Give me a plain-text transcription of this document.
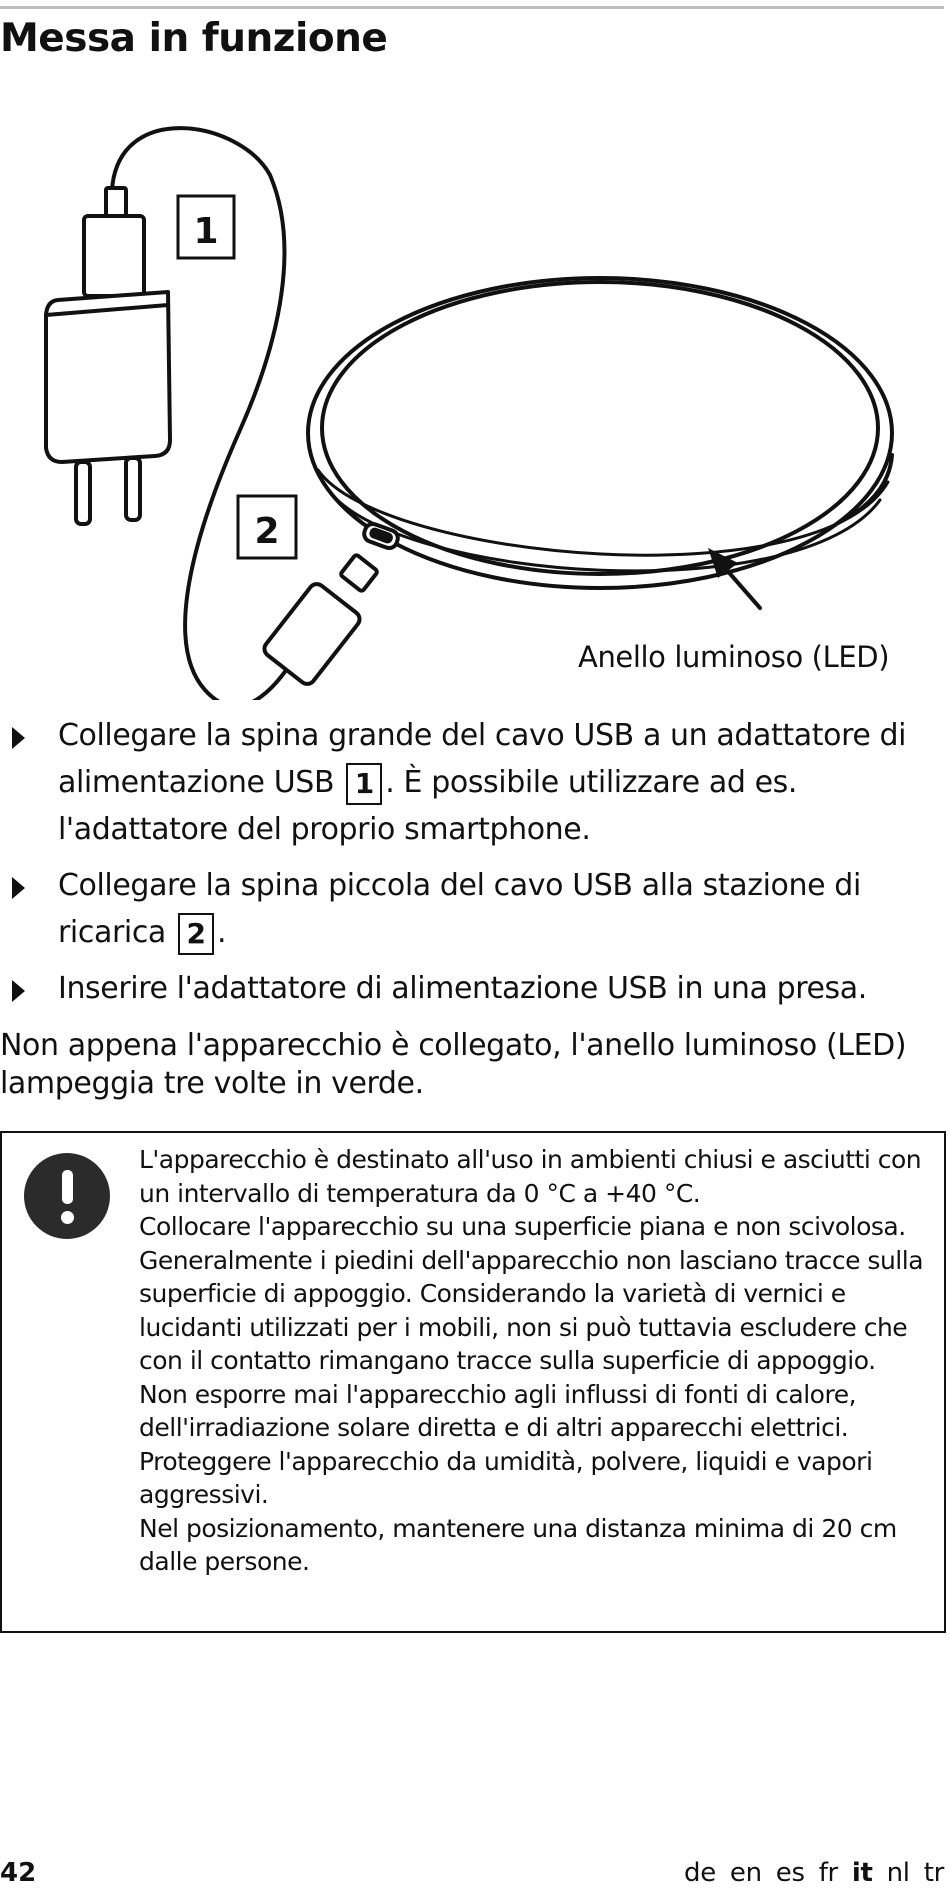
Messa in funzione
1
2
Anello luminoso (LED)
Collegare la spina grande del cavo USB a un adattatore di alimentazione USB 1 . È possibile utilizzare ad es. l'adattatore del proprio smartphone.
Collegare la spina piccola del cavo USB alla stazione di ricarica 2 .
Inserire l'adattatore di alimentazione USB in una presa.
Non appena l'apparecchio è collegato, l'anello luminoso (LED) lampeggia tre volte in verde.
L'apparecchio è destinato all'uso in ambienti chiusi e asciutti con un intervallo di temperatura da 0 °C a +40 °C.
Collocare l'apparecchio su una superficie piana e non scivolosa. Generalmente i piedini dell'apparecchio non lasciano tracce sulla superficie di appoggio. Considerando la varietà di vernici e lucidanti utilizzati per i mobili, non si può tuttavia escludere che con il contatto rimangano tracce sulla superficie di appoggio.
Non esporre mai l'apparecchio agli influssi di fonti di calore, dell'irradiazione solare diretta e di altri apparecchi elettrici.
Proteggere l'apparecchio da umidità, polvere, liquidi e vapori aggressivi.
Nel posizionamento, mantenere una distanza minima di 20 cm dalle persone.
42	de en es fr it nl tr
